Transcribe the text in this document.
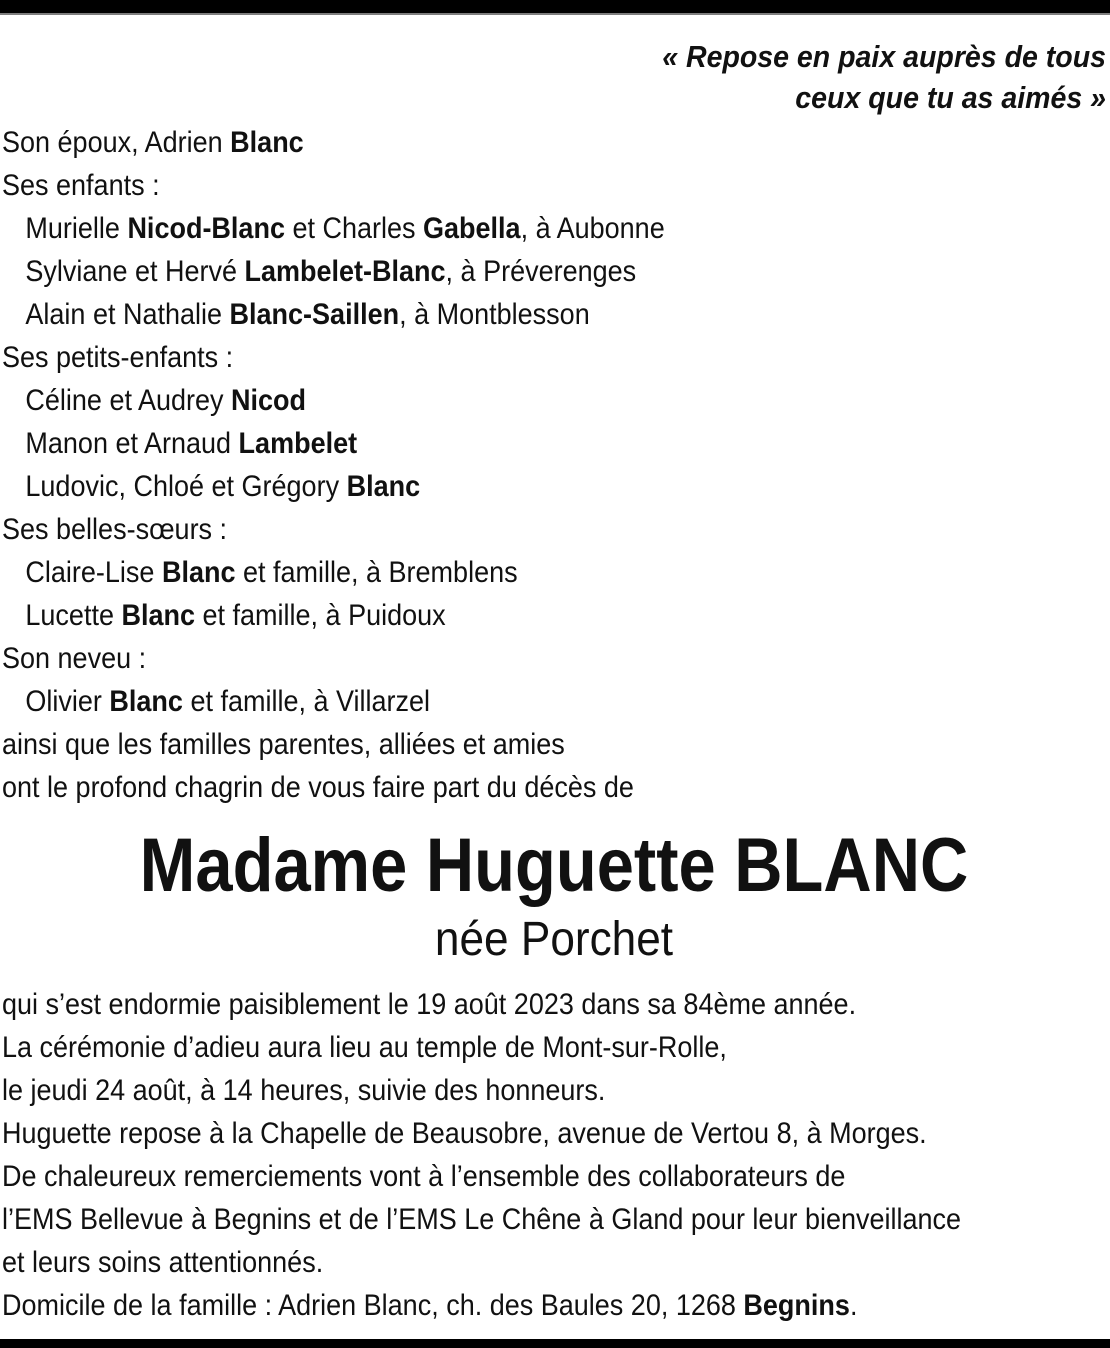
« Repose en paix auprès de tous
ceux que tu as aimés »
Son époux, Adrien Blanc
Ses enfants :
Murielle Nicod-Blanc et Charles Gabella, à Aubonne
Sylviane et Hervé Lambelet-Blanc, à Préverenges
Alain et Nathalie Blanc-Saillen, à Montblesson
Ses petits-enfants :
Céline et Audrey Nicod
Manon et Arnaud Lambelet
Ludovic, Chloé et Grégory Blanc
Ses belles-sœurs :
Claire-Lise Blanc et famille, à Bremblens
Lucette Blanc et famille, à Puidoux
Son neveu :
Olivier Blanc et famille, à Villarzel
ainsi que les familles parentes, alliées et amies
ont le profond chagrin de vous faire part du décès de
Madame Huguette BLANC
née Porchet
qui s’est endormie paisiblement le 19 août 2023 dans sa 84ème année.
La cérémonie d’adieu aura lieu au temple de Mont-sur-Rolle,
le jeudi 24 août, à 14 heures, suivie des honneurs.
Huguette repose à la Chapelle de Beausobre, avenue de Vertou 8, à Morges.
De chaleureux remerciements vont à l’ensemble des collaborateurs de
l’EMS Bellevue à Begnins et de l’EMS Le Chêne à Gland pour leur bienveillance
et leurs soins attentionnés.
Domicile de la famille : Adrien Blanc, ch. des Baules 20, 1268 Begnins.
